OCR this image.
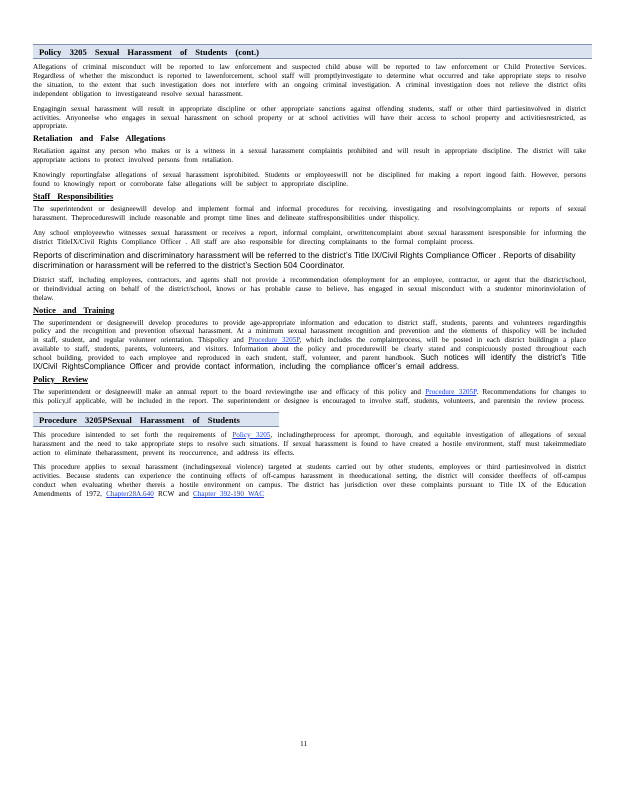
Policy 3205 Sexual Harassment of Students (cont.)

Allegations of criminal misconduct will be reported to law enforcement and suspected child abuse will be reported to law enforcement or Child Protective Services. Regardless of whether the misconduct is reported to lawenforcement, school staff will promptlyinvestigate to determine what occurred and take appropriate steps to resolve the situation, to the extent that such investigation does not interfere with an ongoing criminal investigation. A criminal investigation does not relieve the district ofits independent obligation to investigateand resolve sexual harassment.

Engagingin sexual harassment will result in appropriate discipline or other appropriate sanctions against offending students, staff or other third partiesinvolved in district activities. Anyoneelse who engages in sexual harassment on school property or at school activities will have their access to school property and activitiesrestricted, as appropriate.

Retaliation and False Allegations

Retaliation against any person who makes or is a witness in a sexual harassment complaintis prohibited and will result in appropriate discipline. The district will take appropriate actions to protect involved persons from retaliation.

Knowingly reportingfalse allegations of sexual harassment isprohibited. Students or employeeswill not be disciplined for making a report ingood faith. However, persons found to knowingly report or corroborate false allegations will be subject to appropriate discipline.

Staff Responsibilities

The superintendent or designeewill develop and implement formal and informal procedures for receiving, investigating and resolvingcomplaints or reports of sexual harassment. Theprocedureswill include reasonable and prompt time lines and delineate staffresponsibilities under thispolicy.

Any school employeewho witnesses sexual harassment or receives a report, informal complaint, orwrittencomplaint about sexual harassment isresponsible for informing the district TitleIX/Civil Rights Compliance Officer . All staff are also responsible for directing complainants to the formal complaint process.

Reports of discrimination and discriminatory harassment will be referred to the district’s Title IX/Civil Rights Compliance Officer . Reports of disability discrimination or harassment will be referred to the district’s Section 504 Coordinator.

District staff, including employees, contractors, and agents shall not provide a recommendation ofemployment for an employee, contractor, or agent that the district/school, or theindividual acting on behalf of the district/school, knows or has probable cause to believe, has engaged in sexual misconduct with a studentor minorinviolation of thelaw.

Notice and Training

The superintendent or designeewill develop procedures to provide age-appropriate information and education to district staff, students, parents and volunteers regardingthis policy and the recognition and prevention ofsexual harassment. At a minimum sexual harassment recognition and prevention and the elements of thispolicy will be included in staff, student, and regular volunteer orientation. Thispolicy and Procedure 3205P, which includes the complaintprocess, will be posted in each district buildingin a place available to staff, students, parents, volunteers, and visitors. Information about the policy and procedurewill be clearly stated and conspicuously posted throughout each school building, provided to each employee and reproduced in each student, staff, volunteer, and parent handbook. Such notices will identify the district’s Title IX/Civil RightsCompliance Officer and provide contact information, including the compliance officer’s email address.

Policy Review

The superintendent or designeewill make an annual report to the board reviewingthe use and efficacy of this policy and Procedure 3205P. Recommendations for changes to this policy,if applicable, will be included in the report. The superintendent or designee is encouraged to involve staff, students, volunteers, and parentsin the review process.

Procedure 3205PSexual Harassment of Students

This procedure isintended to set forth the requirements of Policy 3205, includingtheprocess for aprompt, thorough, and equitable investigation of allegations of sexual harassment and the need to take appropriate steps to resolve such situations. If sexual harassment is found to have created a hostile environment, staff must takeimmediate action to eliminate theharassment, prevent its reoccurrence, and address its effects.

This procedure applies to sexual harassment (includingsexual violence) targeted at students carried out by other students, employees or third partiesinvolved in district activities. Because students can experience the continuing effects of off-campus harassment in theeducational setting, the district will consider theeffects of off-campus conduct when evaluating whether thereis a hostile environment on campus. The district has jurisdiction over these complaints pursuant to Title IX of the Education Amendments of 1972, Chapter28A.640 RCW and Chapter 392-190 WAC

11
